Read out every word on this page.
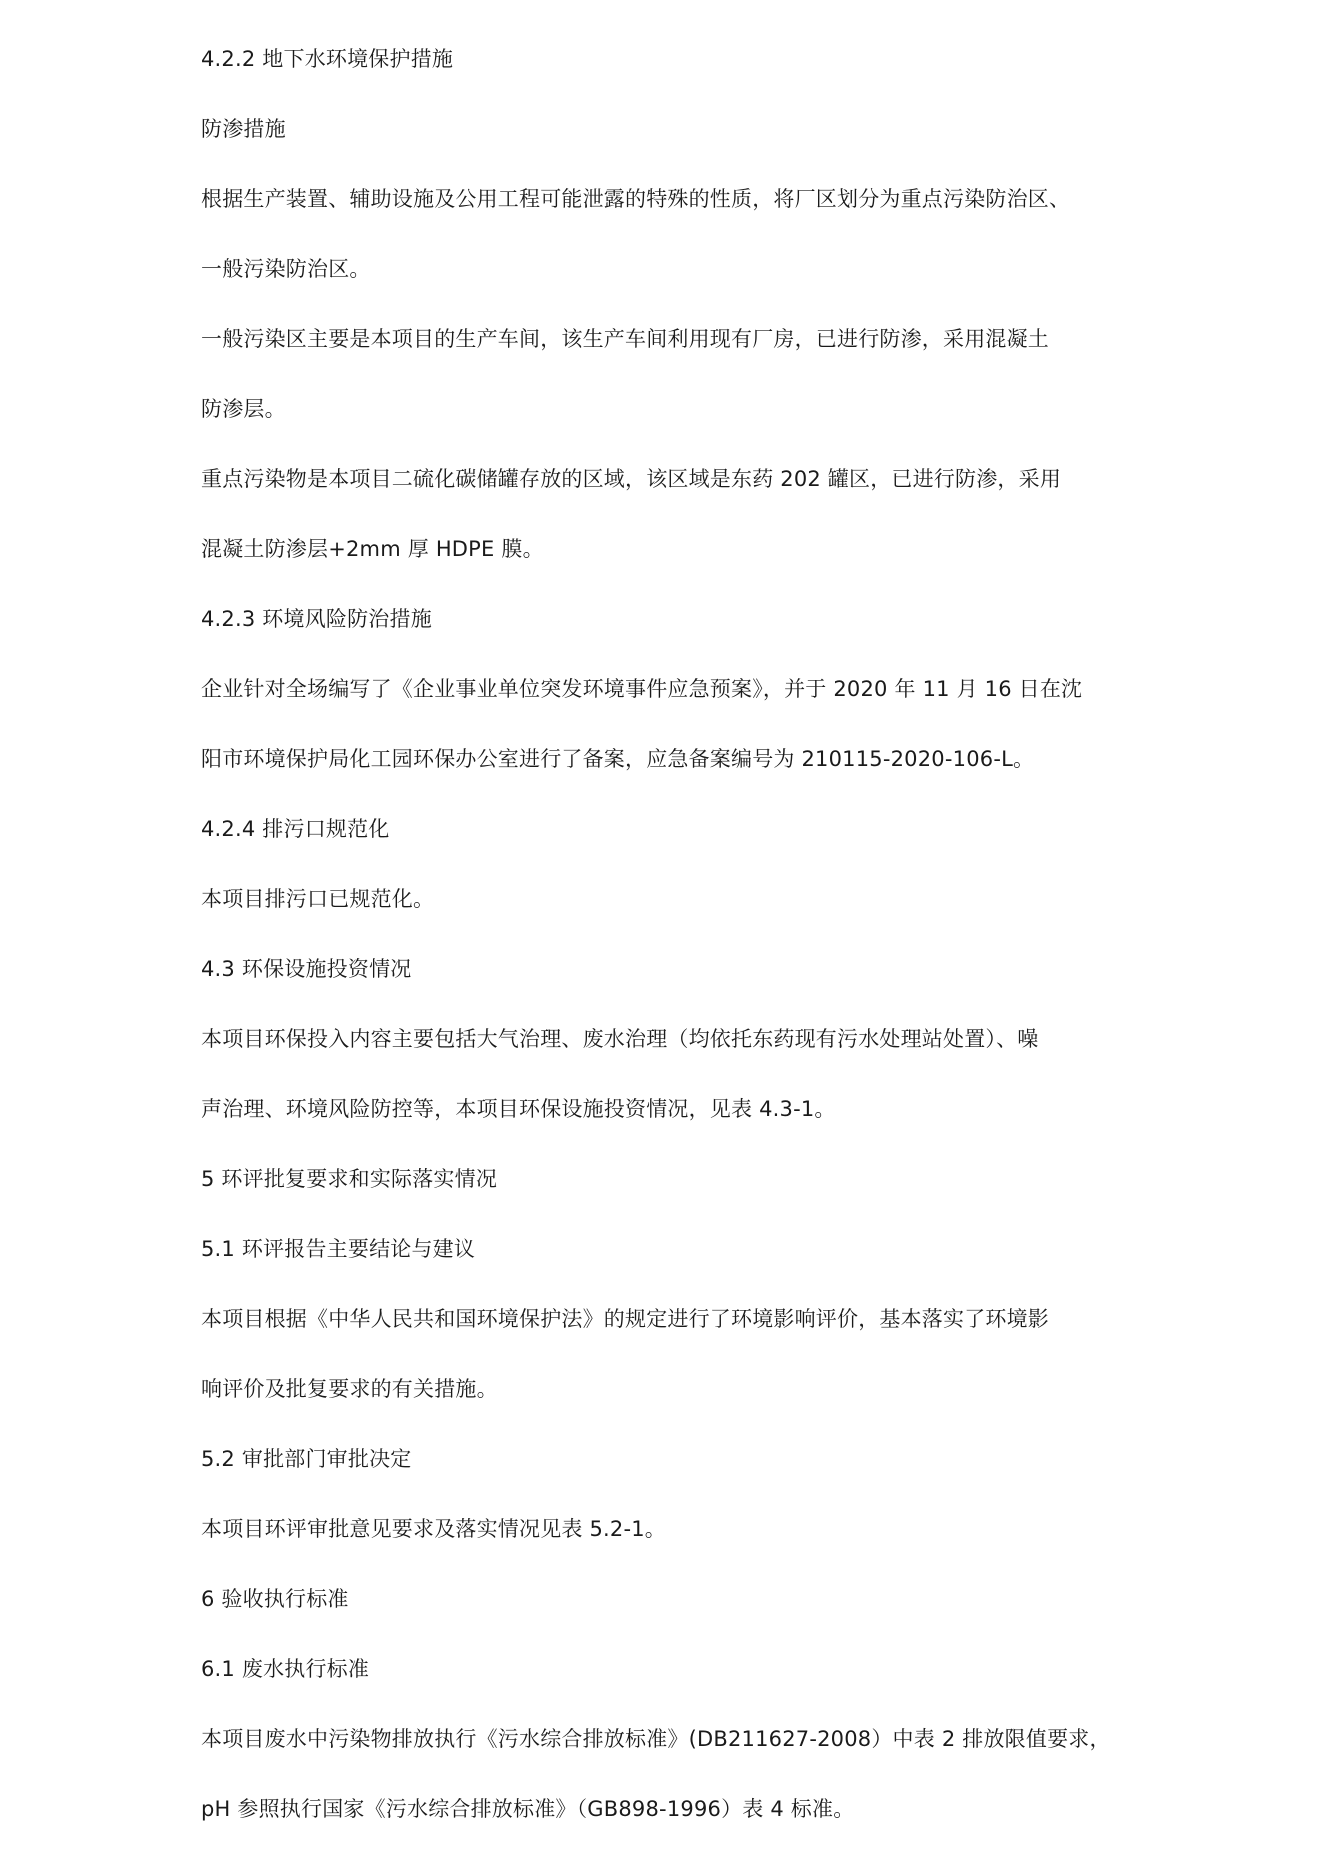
4.2.2 地下水环境保护措施
防渗措施
根据生产装置、辅助设施及公用工程可能泄露的特殊的性质，将厂区划分为重点污染防治区、
一般污染防治区。
一般污染区主要是本项目的生产车间，该生产车间利用现有厂房，已进行防渗，采用混凝土
防渗层。
重点污染物是本项目二硫化碳储罐存放的区域，该区域是东药 202 罐区，已进行防渗，采用
混凝土防渗层+2mm 厚 HDPE 膜。
4.2.3 环境风险防治措施
企业针对全场编写了《企业事业单位突发环境事件应急预案》，并于 2020 年 11 月 16 日在沈
阳市环境保护局化工园环保办公室进行了备案，应急备案编号为 210115-2020-106-L。
4.2.4 排污口规范化
本项目排污口已规范化。
4.3 环保设施投资情况
本项目环保投入内容主要包括大气治理、废水治理（均依托东药现有污水处理站处置）、噪
声治理、环境风险防控等，本项目环保设施投资情况，见表 4.3-1。
5 环评批复要求和实际落实情况
5.1 环评报告主要结论与建议
本项目根据《中华人民共和国环境保护法》的规定进行了环境影响评价，基本落实了环境影
响评价及批复要求的有关措施。
5.2 审批部门审批决定
本项目环评审批意见要求及落实情况见表 5.2-1。
6 验收执行标准
6.1 废水执行标准
本项目废水中污染物排放执行《污水综合排放标准》(DB211627-2008）中表 2 排放限值要求，
pH 参照执行国家《污水综合排放标准》（GB898-1996）表 4 标准。
